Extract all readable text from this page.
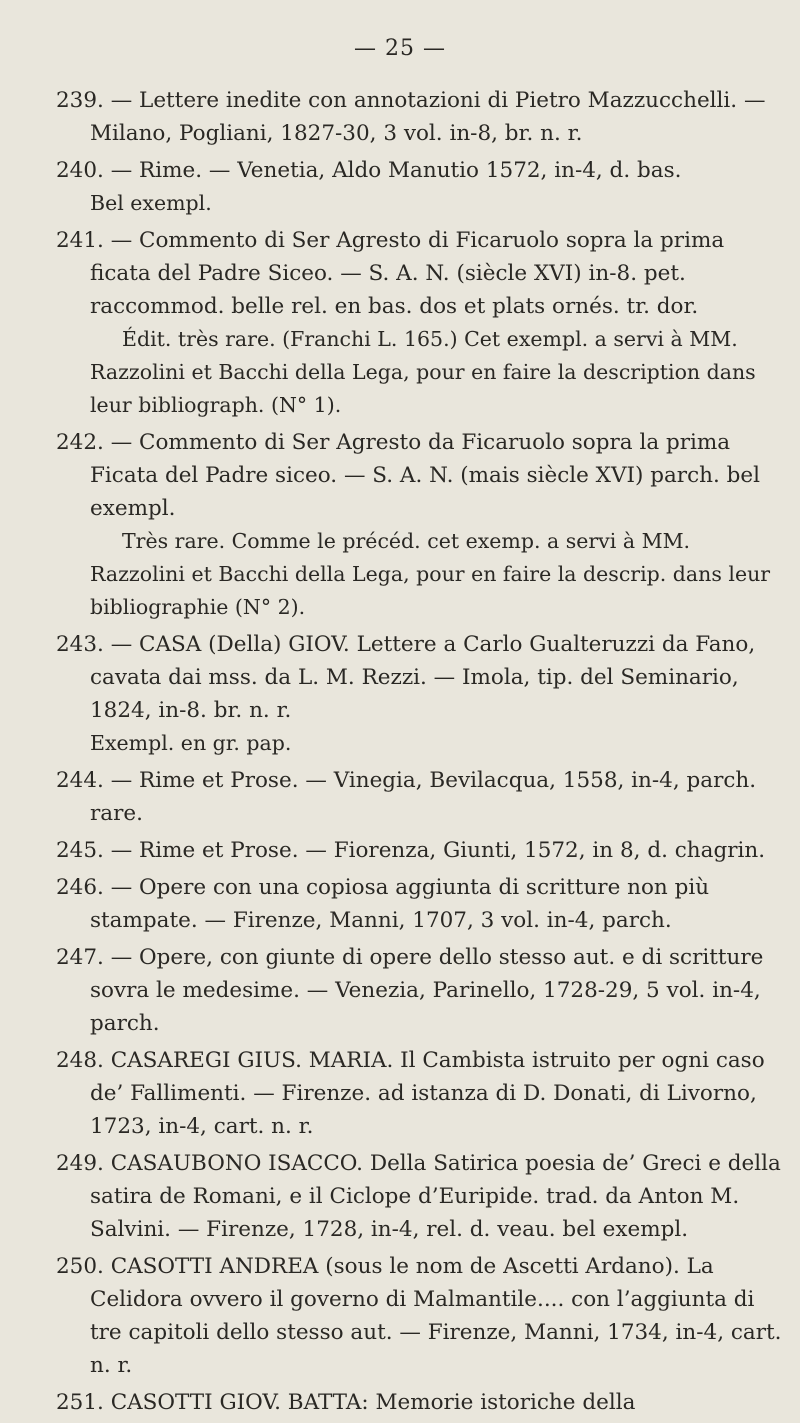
— 25 —

239. — Lettere inedite con annotazioni di Pietro Mazzucchelli. — Milano, Pogliani, 1827-30, 3 vol. in-8, br. n. r.

240. — Rime. — Venetia, Aldo Manutio 1572, in-4, d. bas.

Bel exempl.

241. — Commento di Ser Agresto di Ficaruolo sopra la prima ficata del Padre Siceo. — S. A. N. (siècle XVI) in-8. pet. raccommod. belle rel. en bas. dos et plats ornés. tr. dor.

Édit. très rare. (Franchi L. 165.) Cet exempl. a servi à MM. Razzolini et Bacchi della Lega, pour en faire la description dans leur bibliograph. (N° 1).

242. — Commento di Ser Agresto da Ficaruolo sopra la prima Ficata del Padre siceo. — S. A. N. (mais siècle XVI) parch. bel exempl.

Très rare. Comme le précéd. cet exemp. a servi à MM. Razzolini et Bacchi della Lega, pour en faire la descrip. dans leur bibliographie (N° 2).

243. — CASA (Della) GIOV. Lettere a Carlo Gualteruzzi da Fano, cavata dai mss. da L. M. Rezzi. — Imola, tip. del Seminario, 1824, in-8. br. n. r.

Exempl. en gr. pap.

244. — Rime et Prose. — Vinegia, Bevilacqua, 1558, in-4, parch. rare.

245. — Rime et Prose. — Fiorenza, Giunti, 1572, in 8, d. chagrin.

246. — Opere con una copiosa aggiunta di scritture non più stampate. — Firenze, Manni, 1707, 3 vol. in-4, parch.

247. — Opere, con giunte di opere dello stesso aut. e di scritture sovra le medesime. — Venezia, Parinello, 1728-29, 5 vol. in-4, parch.

248. CASAREGI GIUS. MARIA. Il Cambista istruito per ogni caso de’ Fallimenti. — Firenze. ad istanza di D. Donati, di Livorno, 1723, in-4, cart. n. r.

249. CASAUBONO ISACCO. Della Satirica poesia de’ Greci e della satira de Romani, e il Ciclope d’Euripide. trad. da Anton M. Salvini. — Firenze, 1728, in-4, rel. d. veau. bel exempl.

250. CASOTTI ANDREA (sous le nom de Ascetti Ardano). La Celidora ovvero il governo di Malmantile.... con l’aggiunta di tre capitoli dello stesso aut. — Firenze, Manni, 1734, in-4, cart. n. r.

251. CASOTTI GIOV. BATTA: Memorie istoriche della
